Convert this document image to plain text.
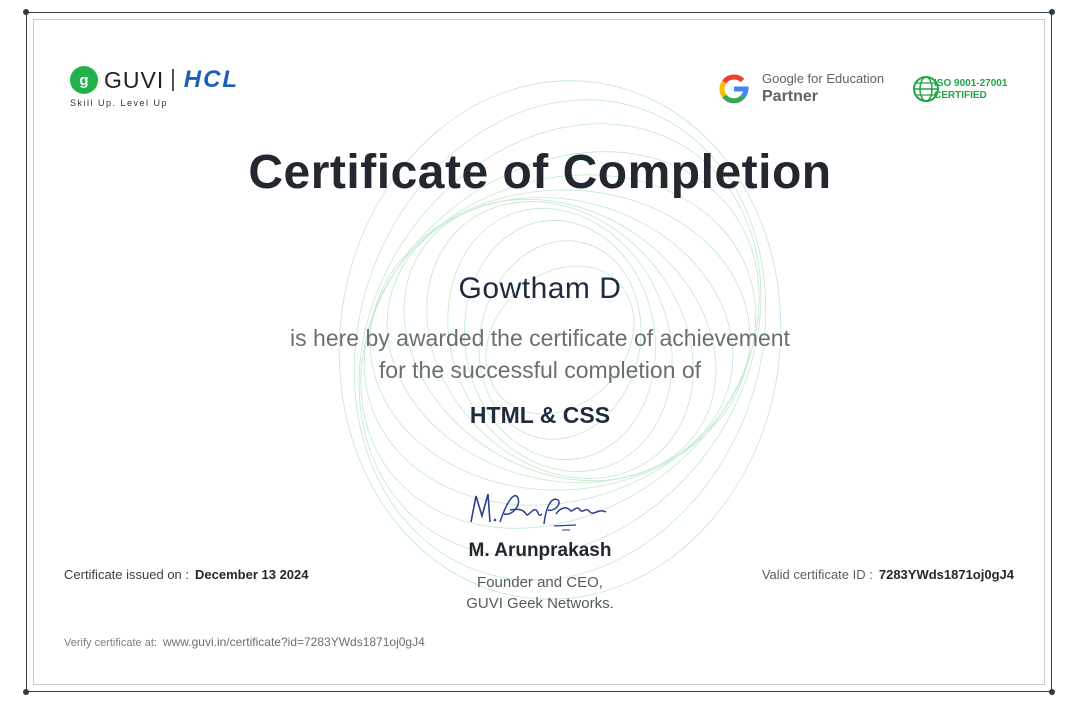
g GUVI HCL
Skill Up. Level Up
Google for Education
Partner
ISO 9001-27001
CERTIFIED
Certificate of Completion
Gowtham D
is here by awarded the certificate of achievement
for the successful completion of
HTML & CSS
M. Arunprakash
Founder and CEO,
GUVI Geek Networks.
Certificate issued on : December 13 2024	Valid certificate ID : 7283YWds1871oj0gJ4
Verify certificate at: www.guvi.in/certificate?id=7283YWds1871oj0gJ4
